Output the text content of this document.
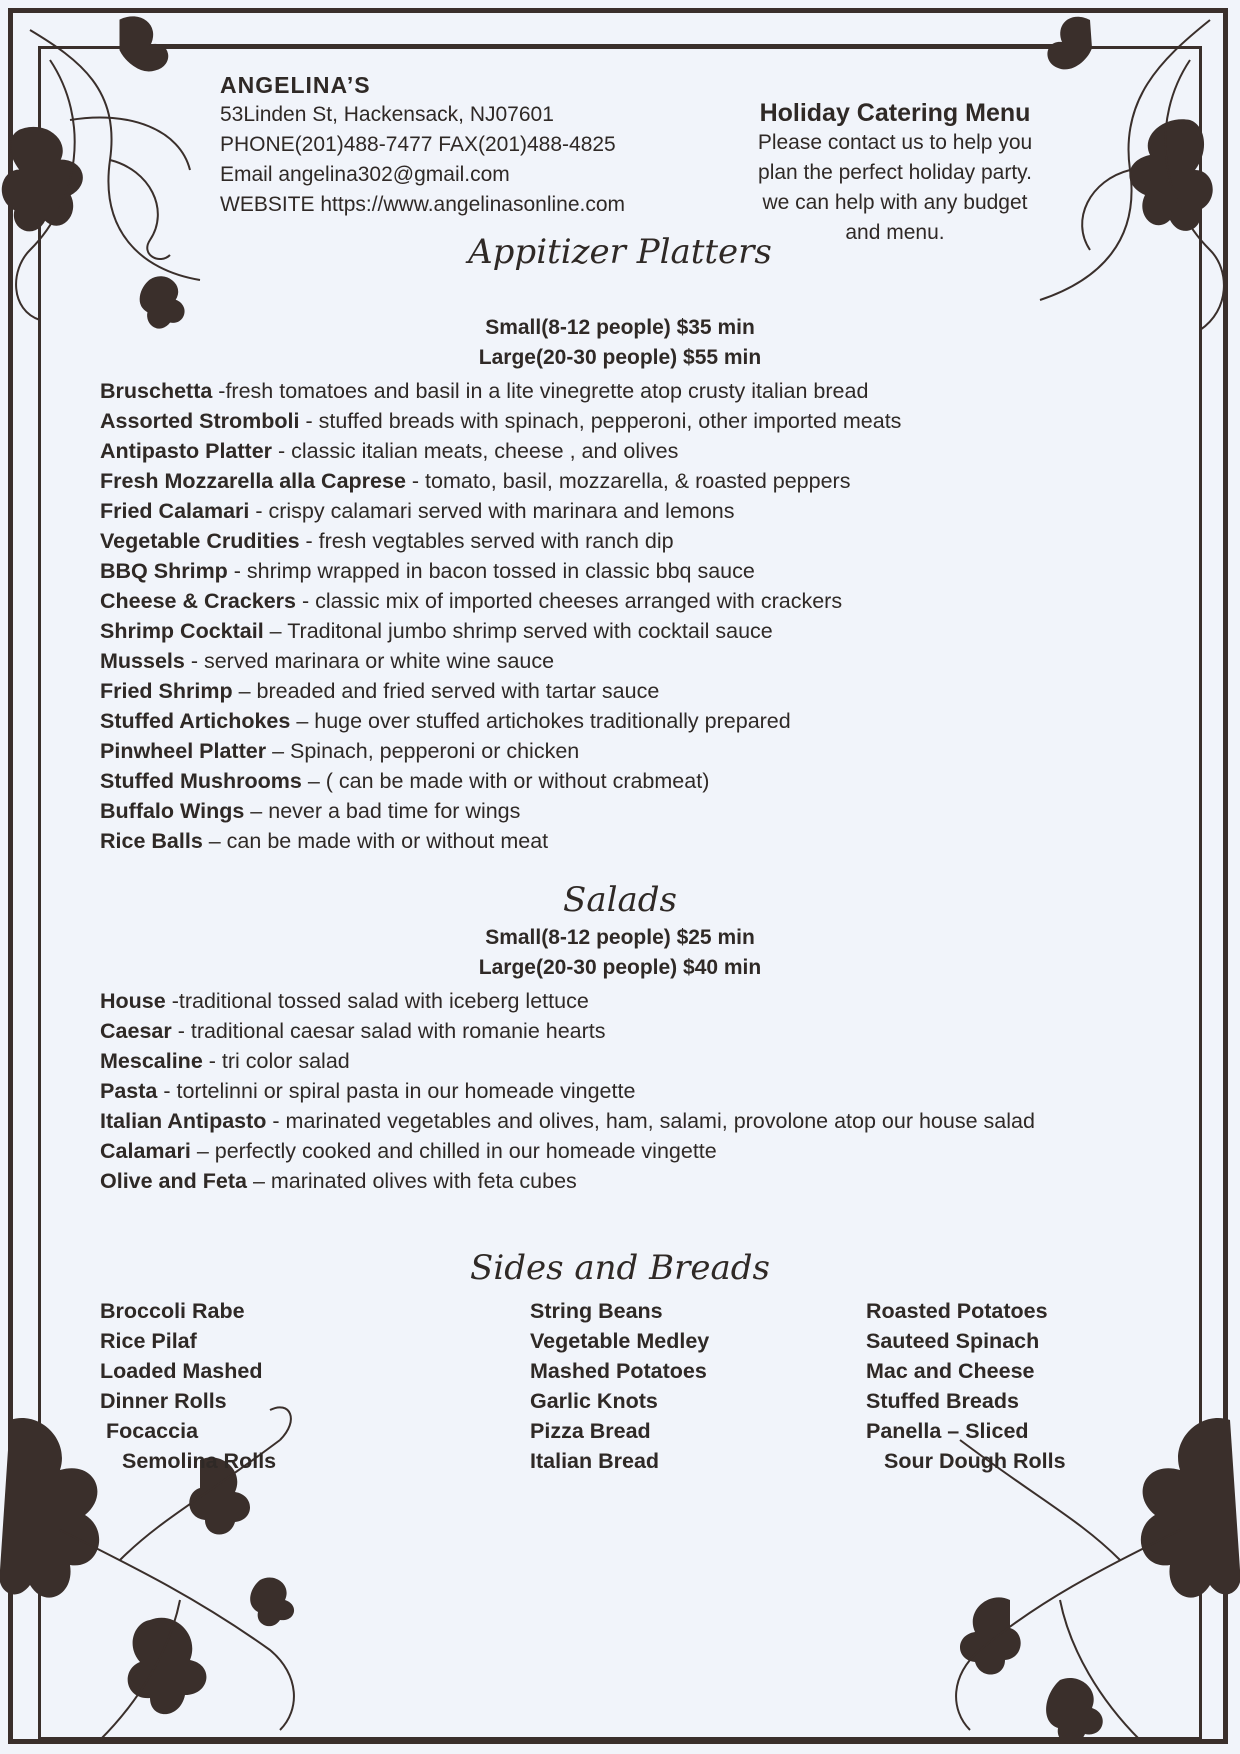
ANGELINA’S
53Linden St, Hackensack, NJ07601
PHONE(201)488-7477 FAX(201)488-4825
Email angelina302@gmail.com
WEBSITE https://www.angelinasonline.com
Holiday Catering Menu
Please contact us to help you
plan the perfect holiday party.
we can help with any budget
and menu.
Appitizer Platters
Small(8-12 people) $35 min
Large(20-30 people) $55 min
Bruschetta -fresh tomatoes and basil in a lite vinegrette atop crusty italian bread
Assorted Stromboli - stuffed breads with spinach, pepperoni, other imported meats
Antipasto Platter - classic italian meats, cheese , and olives
Fresh Mozzarella alla Caprese - tomato, basil, mozzarella, & roasted peppers
Fried Calamari - crispy calamari served with marinara and lemons
Vegetable Crudities - fresh vegtables served with ranch dip
BBQ Shrimp - shrimp wrapped in bacon tossed in classic bbq sauce
Cheese & Crackers - classic mix of imported cheeses arranged with crackers
Shrimp Cocktail – Traditonal jumbo shrimp served with cocktail sauce
Mussels - served marinara or white wine sauce
Fried Shrimp – breaded and fried served with tartar sauce
Stuffed Artichokes – huge over stuffed artichokes traditionally prepared
Pinwheel Platter – Spinach, pepperoni or chicken
Stuffed Mushrooms – ( can be made with or without crabmeat)
Buffalo Wings – never a bad time for wings
Rice Balls – can be made with or without meat
Salads
Small(8-12 people) $25 min
Large(20-30 people) $40 min
House -traditional tossed salad with iceberg lettuce
Caesar - traditional caesar salad with romanie hearts
Mescaline - tri color salad
Pasta - tortelinni or spiral pasta in our homeade vingette
Italian Antipasto - marinated vegetables and olives, ham, salami, provolone atop our house salad
Calamari – perfectly cooked and chilled in our homeade vingette
Olive and Feta – marinated olives with feta cubes
Sides and Breads
Broccoli Rabe
Rice Pilaf
Loaded Mashed
Dinner Rolls
Focaccia
Semolina Rolls
String Beans
Vegetable Medley
Mashed Potatoes
Garlic Knots
Pizza Bread
Italian Bread
Roasted Potatoes
Sauteed Spinach
Mac and Cheese
Stuffed Breads
Panella – Sliced
Sour Dough Rolls
